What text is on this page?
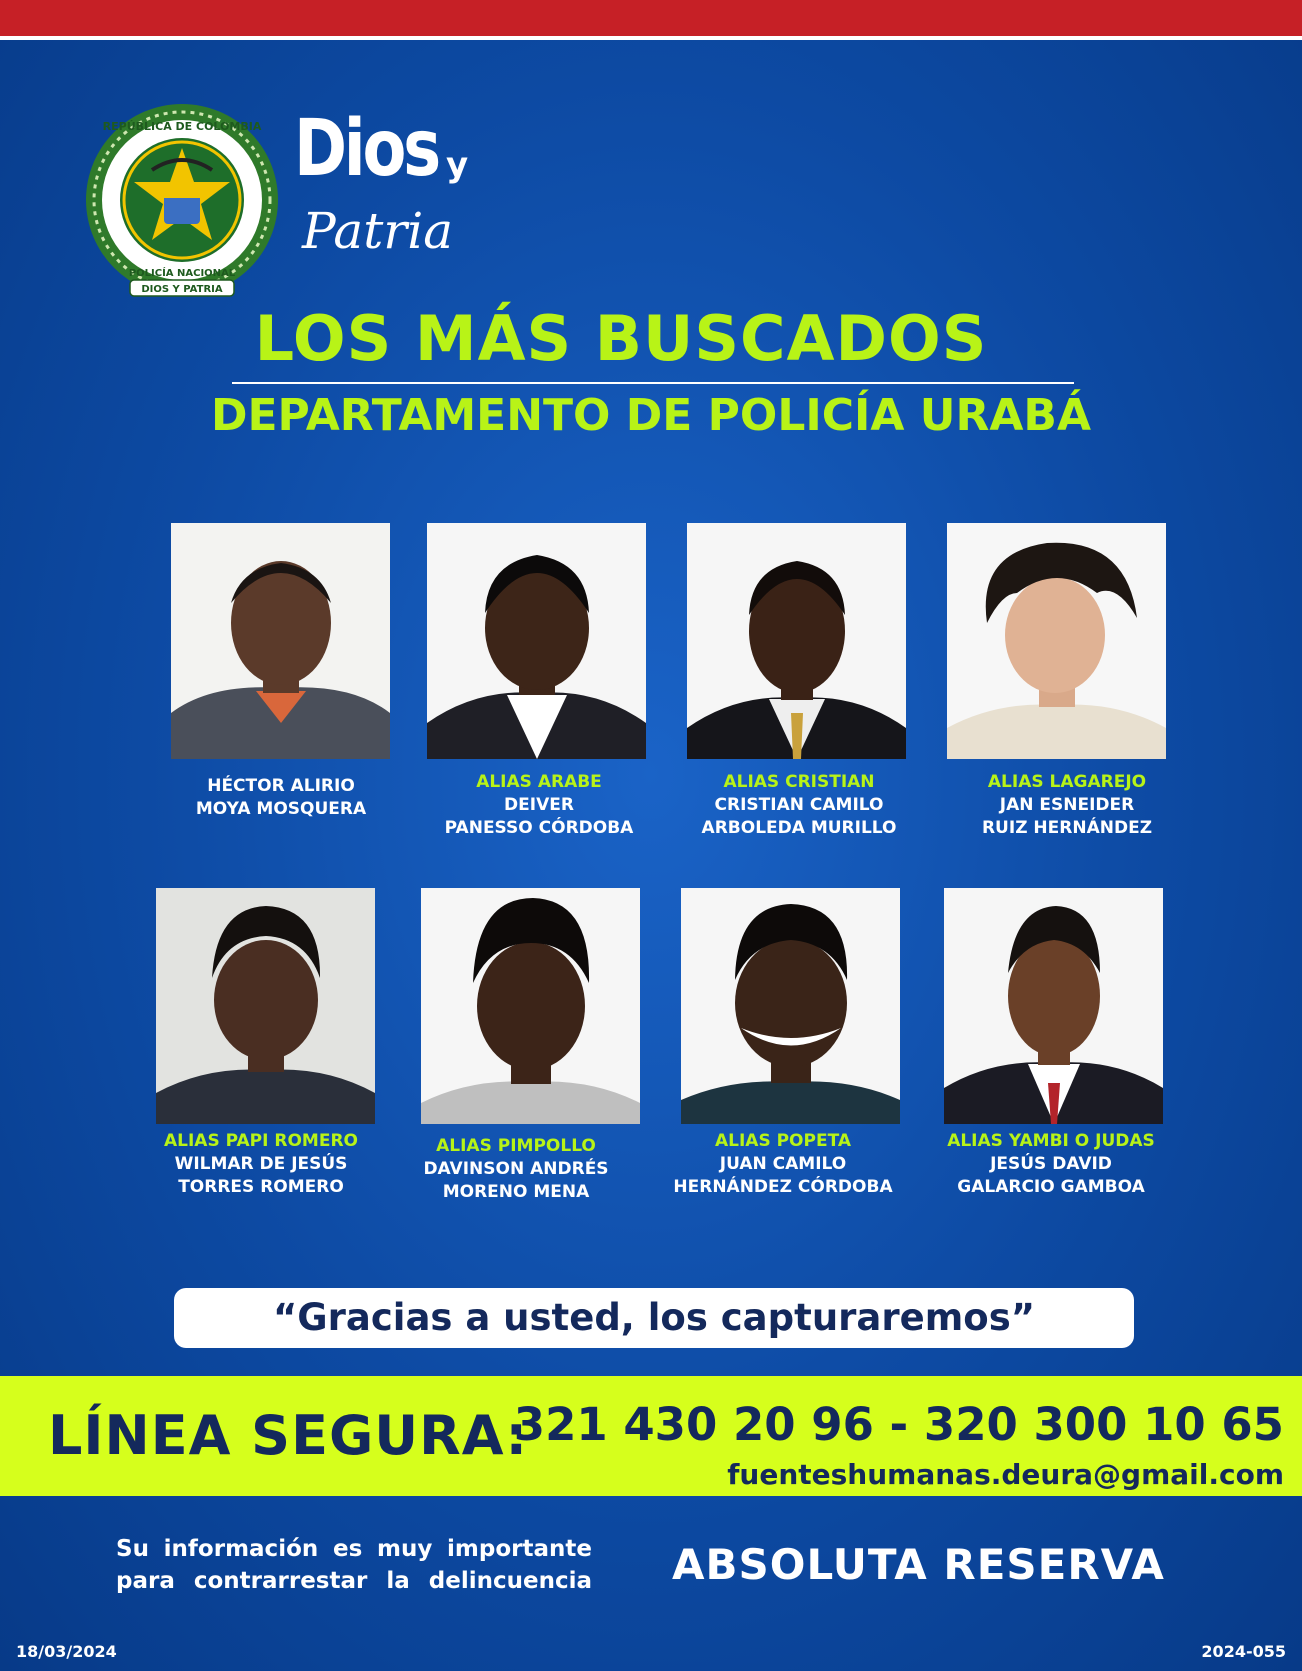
REPÚBLICA DE COLOMBIA
POLICÍA NACIONAL
DIOS Y PATRIA
Dios y
Patria
LOS MÁS BUSCADOS
DEPARTAMENTO DE POLICÍA URABÁ
HÉCTOR ALIRIO
MOYA MOSQUERA
ALIAS ARABE
DEIVER
PANESSO CÓRDOBA
ALIAS CRISTIAN
CRISTIAN CAMILO
ARBOLEDA MURILLO
ALIAS LAGAREJO
JAN ESNEIDER
RUIZ HERNÁNDEZ
ALIAS PAPI ROMERO
WILMAR DE JESÚS
TORRES ROMERO
ALIAS PIMPOLLO
DAVINSON ANDRÉS
MORENO MENA
ALIAS POPETA
JUAN CAMILO
HERNÁNDEZ CÓRDOBA
ALIAS YAMBI O JUDAS
JESÚS DAVID
GALARCIO GAMBOA
“Gracias a usted, los capturaremos”
LÍNEA SEGURA:
321 430 20 96 - 320 300 10 65
fuenteshumanas.deura@gmail.com
Su información es muy importante
para contrarrestar la delincuencia ABSOLUTA RESERVA
18/03/2024	2024-055
